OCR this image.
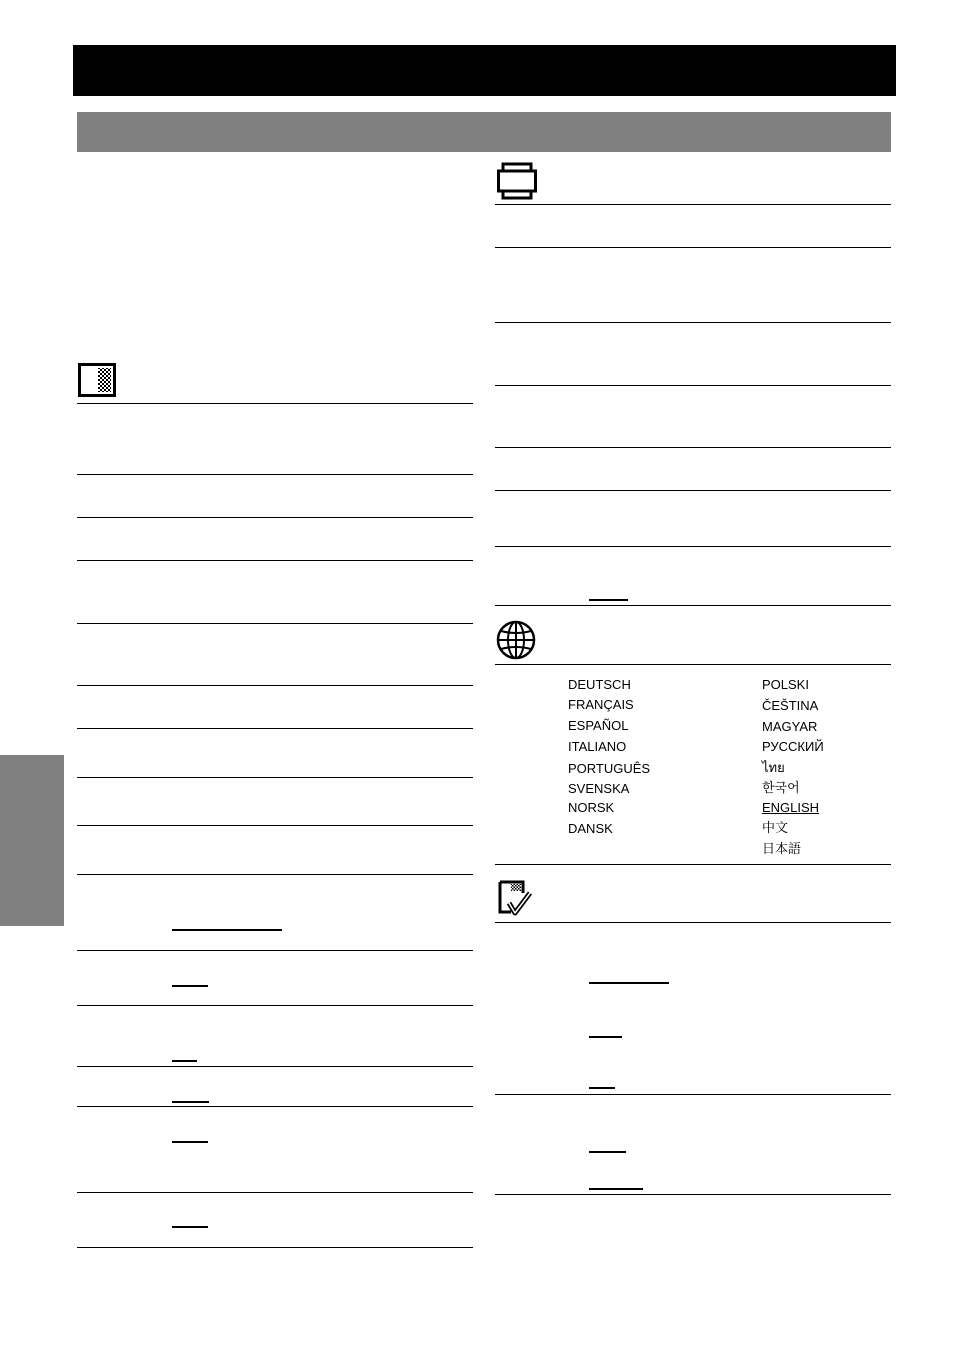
DEUTSCH
FRANÇAIS
ESPAÑOL
ITALIANO
PORTUGUÊS
SVENSKA
NORSK
DANSK
POLSKI
ČEŠTINA
MAGYAR
РУССКИЙ
ไทย
한국어
ENGLISH
中文
日本語
